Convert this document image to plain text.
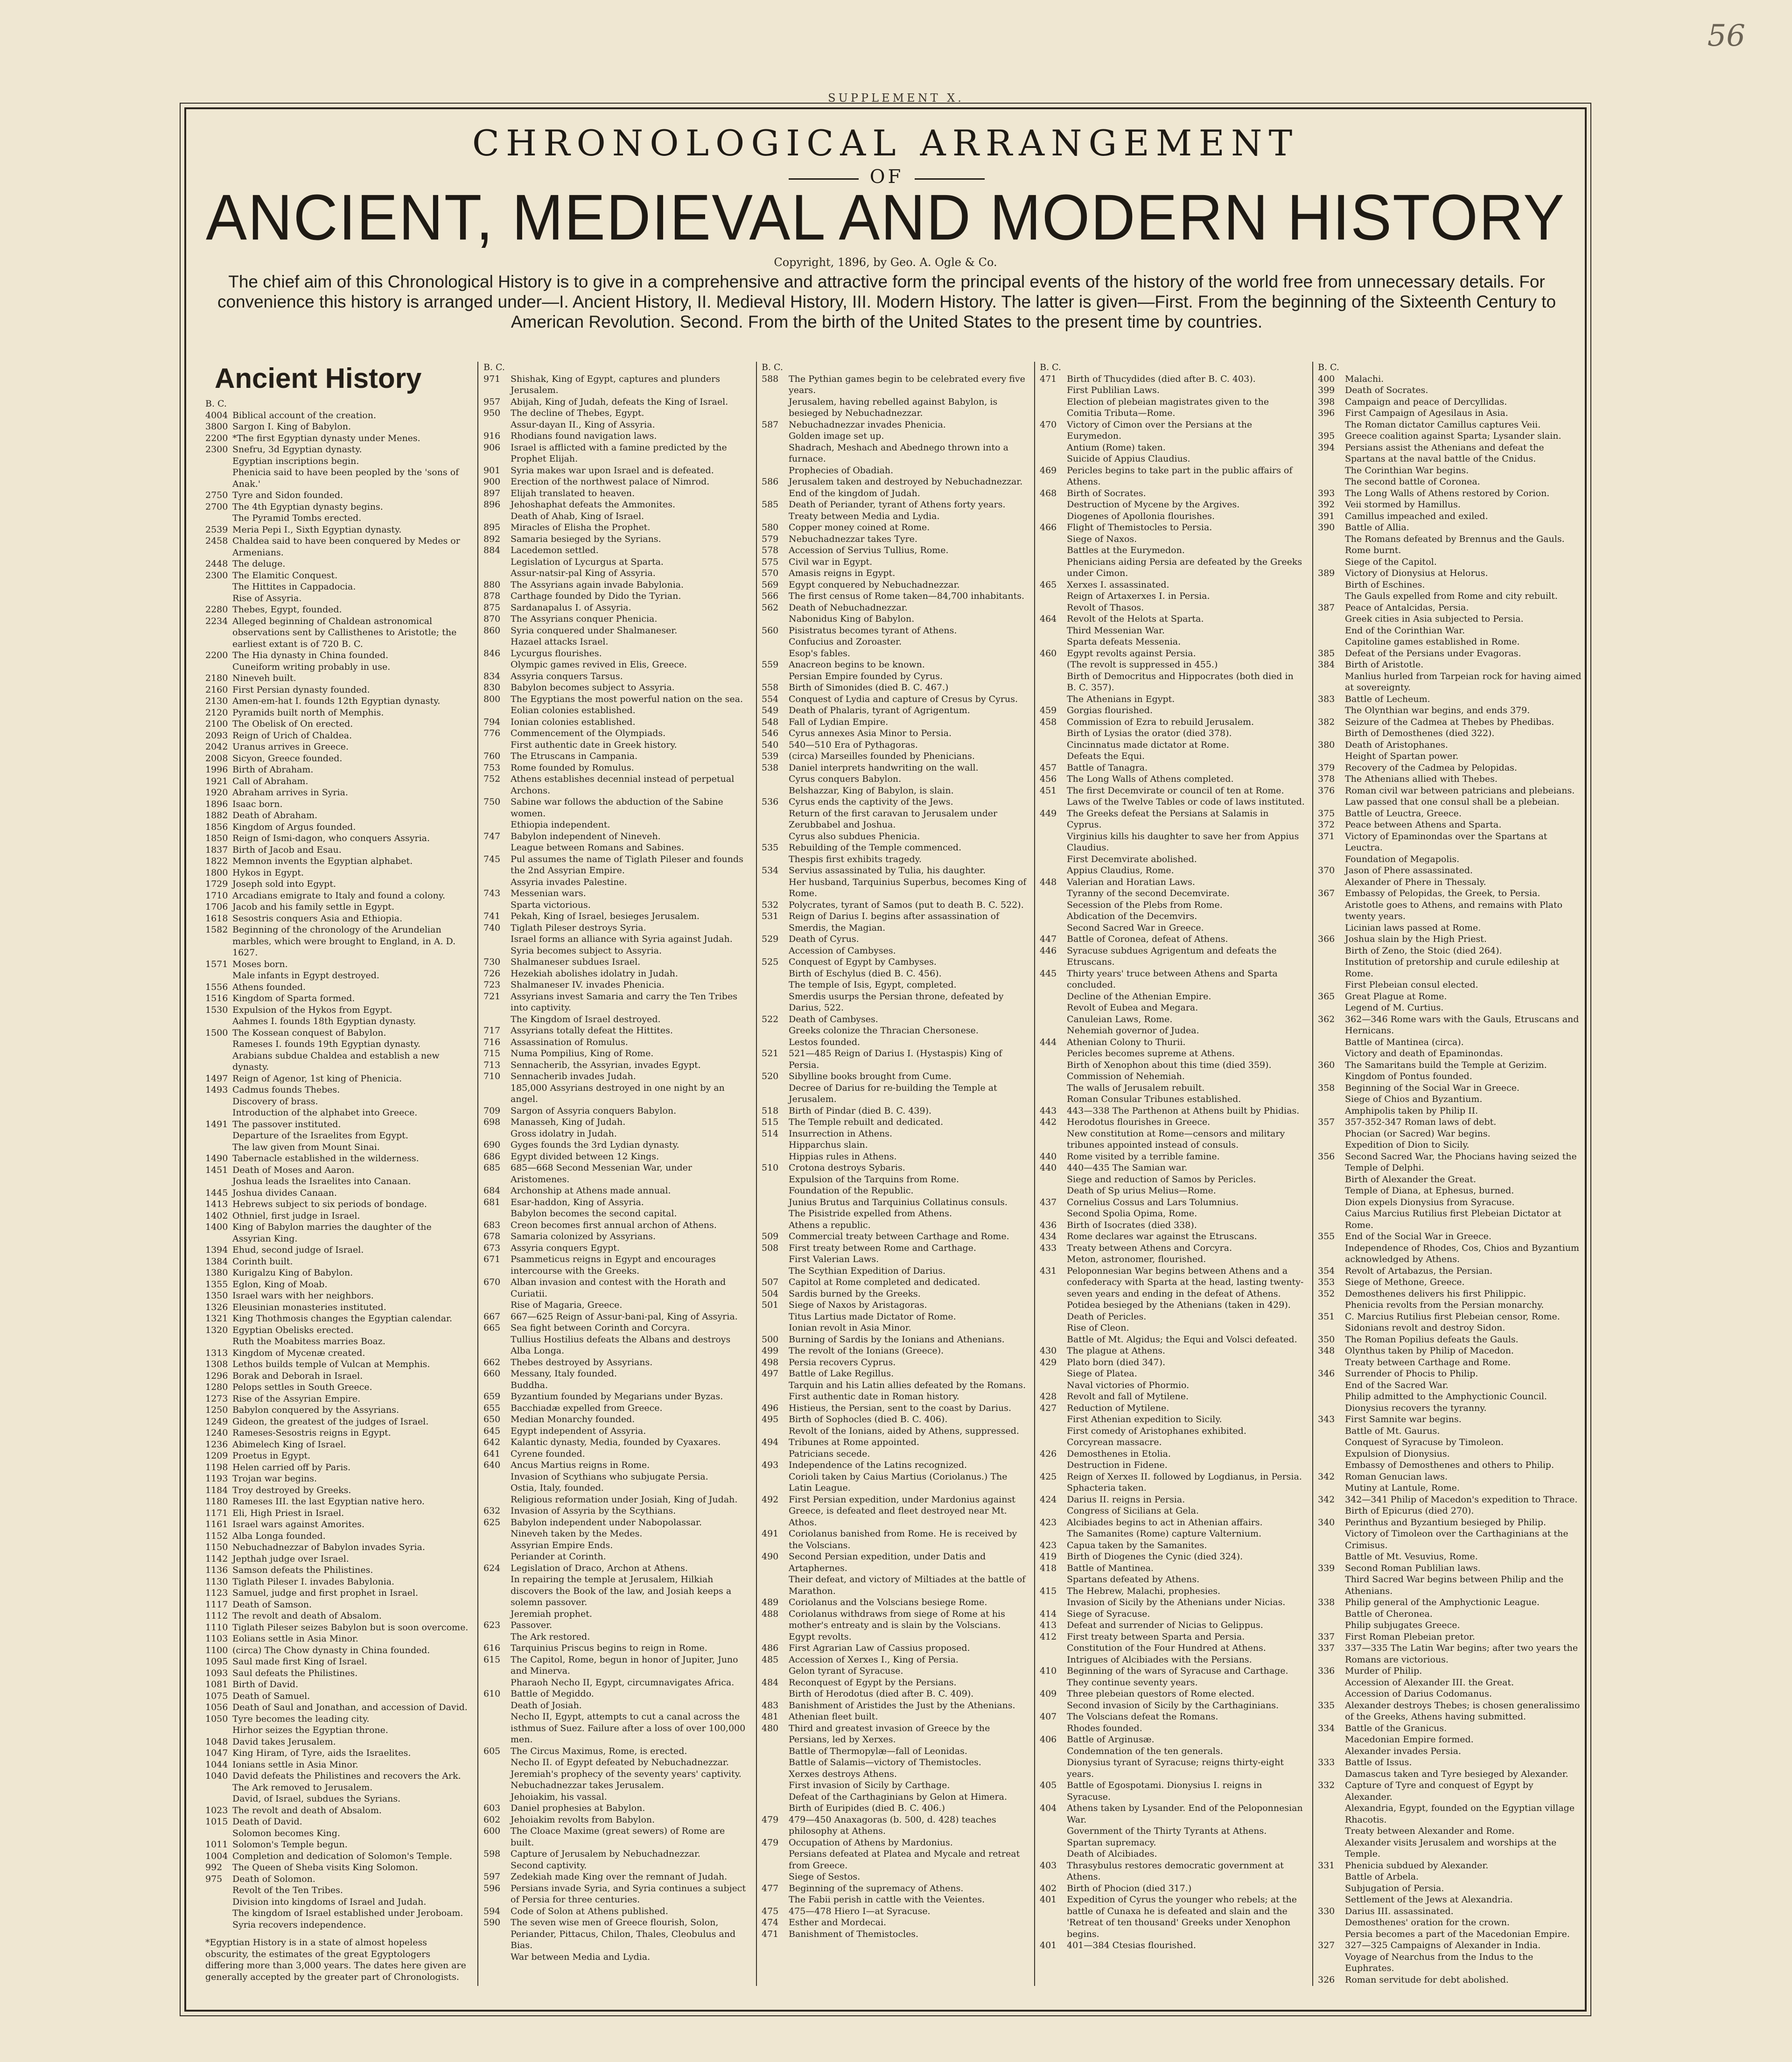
56
SUPPLEMENT X.
CHRONOLOGICAL ARRANGEMENT
OF
ANCIENT, MEDIEVAL AND MODERN HISTORY
Copyright, 1896, by Geo. A. Ogle & Co.
The chief aim of this Chronological History is to give in a comprehensive and attractive form the principal events of the history of the world free from unnecessary details. For convenience this history is arranged under—I. Ancient History, II. Medieval History, III. Modern History. The latter is given—First. From the beginning of the Sixteenth Century to American Revolution. Second. From the birth of the United States to the present time by countries.
Ancient History
B. C.
4004 Biblical account of the creation.
3800 Sargon I. King of Babylon.
2200 *The first Egyptian dynasty under Menes.
2300 Snefru, 3d Egyptian dynasty.
Egyptian inscriptions begin.
Phenicia said to have been peopled by the 'sons of Anak.'
2750 Tyre and Sidon founded.
2700 The 4th Egyptian dynasty begins.
The Pyramid Tombs erected.
2539 Meria Pepi I., Sixth Egyptian dynasty.
2458 Chaldea said to have been conquered by Medes or Armenians.
2448 The deluge.
2300 The Elamitic Conquest.
The Hittites in Cappadocia.
Rise of Assyria.
2280 Thebes, Egypt, founded.
2234 Alleged beginning of Chaldean astronomical observations sent by Callisthenes to Aristotle; the earliest extant is of 720 B. C.
2200 The Hia dynasty in China founded.
Cuneiform writing probably in use.
2180 Nineveh built.
2160 First Persian dynasty founded.
2130 Amen-em-hat I. founds 12th Egyptian dynasty.
2120 Pyramids built north of Memphis.
2100 The Obelisk of On erected.
2093 Reign of Urich of Chaldea.
2042 Uranus arrives in Greece.
2008 Sicyon, Greece founded.
1996 Birth of Abraham.
1921 Call of Abraham.
1920 Abraham arrives in Syria.
1896 Isaac born.
1882 Death of Abraham.
1856 Kingdom of Argus founded.
1850 Reign of Ismi-dagon, who conquers Assyria.
1837 Birth of Jacob and Esau.
1822 Memnon invents the Egyptian alphabet.
1800 Hykos in Egypt.
1729 Joseph sold into Egypt.
1710 Arcadians emigrate to Italy and found a colony.
1706 Jacob and his family settle in Egypt.
1618 Sesostris conquers Asia and Ethiopia.
1582 Beginning of the chronology of the Arundelian marbles, which were brought to England, in A. D. 1627.
1571 Moses born.
Male infants in Egypt destroyed.
1556 Athens founded.
1516 Kingdom of Sparta formed.
1530 Expulsion of the Hykos from Egypt.
Aahmes I. founds 18th Egyptian dynasty.
1500 The Kossean conquest of Babylon.
Rameses I. founds 19th Egyptian dynasty.
Arabians subdue Chaldea and establish a new dynasty.
1497 Reign of Agenor, 1st king of Phenicia.
1493 Cadmus founds Thebes.
Discovery of brass.
Introduction of the alphabet into Greece.
1491 The passover instituted.
Departure of the Israelites from Egypt.
The law given from Mount Sinai.
1490 Tabernacle established in the wilderness.
1451 Death of Moses and Aaron.
Joshua leads the Israelites into Canaan.
1445 Joshua divides Canaan.
1413 Hebrews subject to six periods of bondage.
1402 Othniel, first judge in Israel.
1400 King of Babylon marries the daughter of the Assyrian King.
1394 Ehud, second judge of Israel.
1384 Corinth built.
1380 Kurigalzu King of Babylon.
1355 Eglon, King of Moab.
1350 Israel wars with her neighbors.
1326 Eleusinian monasteries instituted.
1321 King Thothmosis changes the Egyptian calendar.
1320 Egyptian Obelisks erected.
Ruth the Moabitess marries Boaz.
1313 Kingdom of Mycenæ created.
1308 Lethos builds temple of Vulcan at Memphis.
1296 Borak and Deborah in Israel.
1280 Pelops settles in South Greece.
1273 Rise of the Assyrian Empire.
1250 Babylon conquered by the Assyrians.
1249 Gideon, the greatest of the judges of Israel.
1240 Rameses-Sesostris reigns in Egypt.
1236 Abimelech King of Israel.
1209 Proetus in Egypt.
1198 Helen carried off by Paris.
1193 Trojan war begins.
1184 Troy destroyed by Greeks.
1180 Rameses III. the last Egyptian native hero.
1171 Eli, High Priest in Israel.
1161 Israel wars against Amorites.
1152 Alba Longa founded.
1150 Nebuchadnezzar of Babylon invades Syria.
1142 Jepthah judge over Israel.
1136 Samson defeats the Philistines.
1130 Tiglath Pileser I. invades Babylonia.
1123 Samuel, judge and first prophet in Israel.
1117 Death of Samson.
1112 The revolt and death of Absalom.
1110 Tiglath Pileser seizes Babylon but is soon overcome.
1103 Eolians settle in Asia Minor.
1100 (circa) The Chow dynasty in China founded.
1095 Saul made first King of Israel.
1093 Saul defeats the Philistines.
1081 Birth of David.
1075 Death of Samuel.
1056 Death of Saul and Jonathan, and accession of David.
1050 Tyre becomes the leading city.
Hirhor seizes the Egyptian throne.
1048 David takes Jerusalem.
1047 King Hiram, of Tyre, aids the Israelites.
1044 Ionians settle in Asia Minor.
1040 David defeats the Philistines and recovers the Ark.
The Ark removed to Jerusalem.
David, of Israel, subdues the Syrians.
1023 The revolt and death of Absalom.
1015 Death of David.
Solomon becomes King.
1011 Solomon's Temple begun.
1004 Completion and dedication of Solomon's Temple.
992	The Queen of Sheba visits King Solomon.
975	Death of Solomon.
Revolt of the Ten Tribes.
Division into kingdoms of Israel and Judah.
The kingdom of Israel established under Jeroboam.
Syria recovers independence.
*Egyptian History is in a state of almost hopeless obscurity, the estimates of the great Egyptologers differing more than 3,000 years. The dates here given are generally accepted by the greater part of Chronologists.
B. C.
971	Shishak, King of Egypt, captures and plunders Jerusalem.
957	Abijah, King of Judah, defeats the King of Israel.
950	The decline of Thebes, Egypt.
Assur-dayan II., King of Assyria.
916	Rhodians found navigation laws.
906	Israel is afflicted with a famine predicted by the Prophet Elijah.
901	Syria makes war upon Israel and is defeated.
900	Erection of the northwest palace of Nimrod.
897	Elijah translated to heaven.
896	Jehoshaphat defeats the Ammonites.
Death of Ahab, King of Israel.
895	Miracles of Elisha the Prophet.
892	Samaria besieged by the Syrians.
884	Lacedemon settled.
Legislation of Lycurgus at Sparta.
Assur-natsir-pal King of Assyria.
880	The Assyrians again invade Babylonia.
878	Carthage founded by Dido the Tyrian.
875	Sardanapalus I. of Assyria.
870	The Assyrians conquer Phenicia.
860	Syria conquered under Shalmaneser.
Hazael attacks Israel.
846	Lycurgus flourishes.
Olympic games revived in Elis, Greece.
834	Assyria conquers Tarsus.
830	Babylon becomes subject to Assyria.
800	The Egyptians the most powerful nation on the sea.
Eolian colonies established.
794	Ionian colonies established.
776	Commencement of the Olympiads.
First authentic date in Greek history.
760	The Etruscans in Campania.
753	Rome founded by Romulus.
752	Athens establishes decennial instead of perpetual Archons.
750	Sabine war follows the abduction of the Sabine women.
Ethiopia independent.
747	Babylon independent of Nineveh.
League between Romans and Sabines.
745	Pul assumes the name of Tiglath Pileser and founds the 2nd Assyrian Empire.
Assyria invades Palestine.
743	Messenian wars.
Sparta victorious.
741	Pekah, King of Israel, besieges Jerusalem.
740	Tiglath Pileser destroys Syria.
Israel forms an alliance with Syria against Judah.
Syria becomes subject to Assyria.
730	Shalmaneser subdues Israel.
726	Hezekiah abolishes idolatry in Judah.
723	Shalmaneser IV. invades Phenicia.
721	Assyrians invest Samaria and carry the Ten Tribes into captivity.
The Kingdom of Israel destroyed.
717	Assyrians totally defeat the Hittites.
716	Assassination of Romulus.
715	Numa Pompilius, King of Rome.
713	Sennacherib, the Assyrian, invades Egypt.
710	Sennacherib invades Judah.
185,000 Assyrians destroyed in one night by an angel.
709	Sargon of Assyria conquers Babylon.
698	Manasseh, King of Judah.
Gross idolatry in Judah.
690	Gyges founds the 3rd Lydian dynasty.
686	Egypt divided between 12 Kings.
685	685—668 Second Messenian War, under Aristomenes.
684	Archonship at Athens made annual.
681	Esar-haddon, King of Assyria.
Babylon becomes the second capital.
683	Creon becomes first annual archon of Athens.
678	Samaria colonized by Assyrians.
673	Assyria conquers Egypt.
671	Psammeticus reigns in Egypt and encourages intercourse with the Greeks.
670	Alban invasion and contest with the Horath and Curiatii.
Rise of Magaria, Greece.
667	667—625 Reign of Assur-bani-pal, King of Assyria.
665	Sea fight between Corinth and Corcyra.
Tullius Hostilius defeats the Albans and destroys Alba Longa.
662	Thebes destroyed by Assyrians.
660	Messany, Italy founded.
Buddha.
659	Byzantium founded by Megarians under Byzas.
655	Bacchiadæ expelled from Greece.
650	Median Monarchy founded.
645	Egypt independent of Assyria.
642	Kalantic dynasty, Media, founded by Cyaxares.
641	Cyrene founded.
640	Ancus Martius reigns in Rome.
Invasion of Scythians who subjugate Persia.
Ostia, Italy, founded.
Religious reformation under Josiah, King of Judah.
632	Invasion of Assyria by the Scythians.
625	Babylon independent under Nabopolassar.
Nineveh taken by the Medes.
Assyrian Empire Ends.
Periander at Corinth.
624	Legislation of Draco, Archon at Athens.
In repairing the temple at Jerusalem, Hilkiah discovers the Book of the law, and Josiah keeps a solemn passover.
Jeremiah prophet.
623	Passover.
The Ark restored.
616	Tarquinius Priscus begins to reign in Rome.
615	The Capitol, Rome, begun in honor of Jupiter, Juno and Minerva.
Pharaoh Necho II, Egypt, circumnavigates Africa.
610	Battle of Megiddo.
Death of Josiah.
Necho II, Egypt, attempts to cut a canal across the isthmus of Suez. Failure after a loss of over 100,000 men.
605	The Circus Maximus, Rome, is erected.
Necho II. of Egypt defeated by Nebuchadnezzar.
Jeremiah's prophecy of the seventy years' captivity.
Nebuchadnezzar takes Jerusalem.
Jehoiakim, his vassal.
603	Daniel prophesies at Babylon.
602	Jehoiakim revolts from Babylon.
600	The Cloace Maxime (great sewers) of Rome are built.
598	Capture of Jerusalem by Nebuchadnezzar.
Second captivity.
597	Zedekiah made King over the remnant of Judah.
596	Persians invade Syria, and Syria continues a subject of Persia for three centuries.
594	Code of Solon at Athens published.
590	The seven wise men of Greece flourish, Solon, Periander, Pittacus, Chilon, Thales, Cleobulus and Bias.
War between Media and Lydia.
B. C.
588	The Pythian games begin to be celebrated every five years.
Jerusalem, having rebelled against Babylon, is besieged by Nebuchadnezzar.
587	Nebuchadnezzar invades Phenicia.
Golden image set up.
Shadrach, Meshach and Abednego thrown into a furnace.
Prophecies of Obadiah.
586	Jerusalem taken and destroyed by Nebuchadnezzar.
End of the kingdom of Judah.
585	Death of Periander, tyrant of Athens forty years.
Treaty between Media and Lydia.
580	Copper money coined at Rome.
579	Nebuchadnezzar takes Tyre.
578	Accession of Servius Tullius, Rome.
575	Civil war in Egypt.
570	Amasis reigns in Egypt.
569	Egypt conquered by Nebuchadnezzar.
566	The first census of Rome taken—84,700 inhabitants.
562	Death of Nebuchadnezzar.
Nabonidus King of Babylon.
560	Pisistratus becomes tyrant of Athens.
Confucius and Zoroaster.
Esop's fables.
559	Anacreon begins to be known.
Persian Empire founded by Cyrus.
558	Birth of Simonides (died B. C. 467.)
554	Conquest of Lydia and capture of Cresus by Cyrus.
549	Death of Phalaris, tyrant of Agrigentum.
548	Fall of Lydian Empire.
546	Cyrus annexes Asia Minor to Persia.
540	540—510 Era of Pythagoras.
539	(circa) Marseilles founded by Phenicians.
538	Daniel interprets handwriting on the wall.
Cyrus conquers Babylon.
Belshazzar, King of Babylon, is slain.
536	Cyrus ends the captivity of the Jews.
Return of the first caravan to Jerusalem under Zerubbabel and Joshua.
Cyrus also subdues Phenicia.
535	Rebuilding of the Temple commenced.
Thespis first exhibits tragedy.
534	Servius assassinated by Tulia, his daughter.
Her husband, Tarquinius Superbus, becomes King of Rome.
532	Polycrates, tyrant of Samos (put to death B. C. 522).
531	Reign of Darius I. begins after assassination of Smerdis, the Magian.
529	Death of Cyrus.
Accession of Cambyses.
525	Conquest of Egypt by Cambyses.
Birth of Eschylus (died B. C. 456).
The temple of Isis, Egypt, completed.
Smerdis usurps the Persian throne, defeated by Darius, 522.
522	Death of Cambyses.
Greeks colonize the Thracian Chersonese.
Lestos founded.
521	521—485 Reign of Darius I. (Hystaspis) King of Persia.
520	Sibylline books brought from Cume.
Decree of Darius for re-building the Temple at Jerusalem.
518	Birth of Pindar (died B. C. 439).
515	The Temple rebuilt and dedicated.
514	Insurrection in Athens.
Hipparchus slain.
Hippias rules in Athens.
510	Crotona destroys Sybaris.
Expulsion of the Tarquins from Rome.
Foundation of the Republic.
Junius Brutus and Tarquinius Collatinus consuls.
The Pisistride expelled from Athens.
Athens a republic.
509	Commercial treaty between Carthage and Rome.
508	First treaty between Rome and Carthage.
First Valerian Laws.
The Scythian Expedition of Darius.
507	Capitol at Rome completed and dedicated.
504	Sardis burned by the Greeks.
501	Siege of Naxos by Aristagoras.
Titus Lartius made Dictator of Rome.
Ionian revolt in Asia Minor.
500	Burning of Sardis by the Ionians and Athenians.
499	The revolt of the Ionians (Greece).
498	Persia recovers Cyprus.
497	Battle of Lake Regillus.
Tarquin and his Latin allies defeated by the Romans.
First authentic date in Roman history.
496	Histieus, the Persian, sent to the coast by Darius.
495	Birth of Sophocles (died B. C. 406).
Revolt of the Ionians, aided by Athens, suppressed.
494	Tribunes at Rome appointed.
Patricians secede.
493	Independence of the Latins recognized.
Corioli taken by Caius Martius (Coriolanus.) The Latin League.
492	First Persian expedition, under Mardonius against Greece, is defeated and fleet destroyed near Mt. Athos.
491	Coriolanus banished from Rome. He is received by the Volscians.
490	Second Persian expedition, under Datis and Artaphernes.
Their defeat, and victory of Miltiades at the battle of Marathon.
489	Coriolanus and the Volscians besiege Rome.
488	Coriolanus withdraws from siege of Rome at his mother's entreaty and is slain by the Volscians.
Egypt revolts.
486	First Agrarian Law of Cassius proposed.
485	Accession of Xerxes I., King of Persia.
Gelon tyrant of Syracuse.
484	Reconquest of Egypt by the Persians.
Birth of Herodotus (died after B. C. 409).
483	Banishment of Aristides the Just by the Athenians.
481	Athenian fleet built.
480	Third and greatest invasion of Greece by the Persians, led by Xerxes.
Battle of Thermopylæ—fall of Leonidas.
Battle of Salamis—victory of Themistocles.
Xerxes destroys Athens.
First invasion of Sicily by Carthage.
Defeat of the Carthaginians by Gelon at Himera.
Birth of Euripides (died B. C. 406.)
479	479—450 Anaxagoras (b. 500, d. 428) teaches philosophy at Athens.
479	Occupation of Athens by Mardonius.
Persians defeated at Platea and Mycale and retreat from Greece.
Siege of Sestos.
477	Beginning of the supremacy of Athens.
The Fabii perish in cattle with the Veientes.
475	475—478 Hiero I—at Syracuse.
474	Esther and Mordecai.
471	Banishment of Themistocles.
B. C.
471	Birth of Thucydides (died after B. C. 403).
First Publilian Laws.
Election of plebeian magistrates given to the Comitia Tributa—Rome.
470	Victory of Cimon over the Persians at the Eurymedon.
Antium (Rome) taken.
Suicide of Appius Claudius.
469	Pericles begins to take part in the public affairs of Athens.
468	Birth of Socrates.
Destruction of Mycene by the Argives.
Diogenes of Apollonia flourishes.
466	Flight of Themistocles to Persia.
Siege of Naxos.
Battles at the Eurymedon.
Phenicians aiding Persia are defeated by the Greeks under Cimon.
465	Xerxes I. assassinated.
Reign of Artaxerxes I. in Persia.
Revolt of Thasos.
464	Revolt of the Helots at Sparta.
Third Messenian War.
Sparta defeats Messenia.
460	Egypt revolts against Persia.
(The revolt is suppressed in 455.)
Birth of Democritus and Hippocrates (both died in B. C. 357).
The Athenians in Egypt.
459	Gorgias flourished.
458	Commission of Ezra to rebuild Jerusalem.
Birth of Lysias the orator (died 378).
Cincinnatus made dictator at Rome.
Defeats the Equi.
457	Battle of Tanagra.
456	The Long Walls of Athens completed.
451	The first Decemvirate or council of ten at Rome.
Laws of the Twelve Tables or code of laws instituted.
449	The Greeks defeat the Persians at Salamis in Cyprus.
Virginius kills his daughter to save her from Appius Claudius.
First Decemvirate abolished.
Appius Claudius, Rome.
448	Valerian and Horatian Laws.
Tyranny of the second Decemvirate.
Secession of the Plebs from Rome.
Abdication of the Decemvirs.
Second Sacred War in Greece.
447	Battle of Coronea, defeat of Athens.
446	Syracuse subdues Agrigentum and defeats the Etruscans.
445	Thirty years' truce between Athens and Sparta concluded.
Decline of the Athenian Empire.
Revolt of Eubea and Megara.
Canuleian Laws, Rome.
Nehemiah governor of Judea.
444	Athenian Colony to Thurii.
Pericles becomes supreme at Athens.
Birth of Xenophon about this time (died 359).
Commission of Nehemiah.
The walls of Jerusalem rebuilt.
Roman Consular Tribunes established.
443	443—338 The Parthenon at Athens built by Phidias.
442	Herodotus flourishes in Greece.
New constitution at Rome—censors and military tribunes appointed instead of consuls.
440	Rome visited by a terrible famine.
440	440—435 The Samian war.
Siege and reduction of Samos by Pericles.
Death of Sp urius Melius—Rome.
437	Cornelius Cossus and Lars Tolumnius.
Second Spolia Opima, Rome.
436	Birth of Isocrates (died 338).
434	Rome declares war against the Etruscans.
433	Treaty between Athens and Corcyra.
Meton, astronomer, flourished.
431	Peloponnesian War begins between Athens and a confederacy with Sparta at the head, lasting twenty-seven years and ending in the defeat of Athens.
Potidea besieged by the Athenians (taken in 429).
Death of Pericles.
Rise of Cleon.
Battle of Mt. Algidus; the Equi and Volsci defeated.
430	The plague at Athens.
429	Plato born (died 347).
Siege of Platea.
Naval victories of Phormio.
428	Revolt and fall of Mytilene.
427	Reduction of Mytilene.
First Athenian expedition to Sicily.
First comedy of Aristophanes exhibited.
Corcyrean massacre.
426	Demosthenes in Etolia.
Destruction in Fidene.
425	Reign of Xerxes II. followed by Logdianus, in Persia.
Sphacteria taken.
424	Darius II. reigns in Persia.
Congress of Sicilians at Gela.
423	Alcibiades begins to act in Athenian affairs.
The Samanites (Rome) capture Valternium.
423	Capua taken by the Samanites.
419	Birth of Diogenes the Cynic (died 324).
418	Battle of Mantinea.
Spartans defeated by Athens.
415	The Hebrew, Malachi, prophesies.
Invasion of Sicily by the Athenians under Nicias.
414	Siege of Syracuse.
413	Defeat and surrender of Nicias to Gelippus.
412	First treaty between Sparta and Persia.
Constitution of the Four Hundred at Athens.
Intrigues of Alcibiades with the Persians.
410	Beginning of the wars of Syracuse and Carthage. They continue seventy years.
409	Three plebeian questors of Rome elected.
Second invasion of Sicily by the Carthaginians.
407	The Volscians defeat the Romans.
Rhodes founded.
406	Battle of Arginusæ.
Condemnation of the ten generals.
Dionysius tyrant of Syracuse; reigns thirty-eight years.
405	Battle of Egospotami. Dionysius I. reigns in Syracuse.
404	Athens taken by Lysander. End of the Peloponnesian War.
Government of the Thirty Tyrants at Athens.
Spartan supremacy.
Death of Alcibiades.
403	Thrasybulus restores democratic government at Athens.
402	Birth of Phocion (died 317.)
401	Expedition of Cyrus the younger who rebels; at the battle of Cunaxa he is defeated and slain and the 'Retreat of ten thousand' Greeks under Xenophon begins.
401	401—384 Ctesias flourished.
B. C.
400	Malachi.
399	Death of Socrates.
398	Campaign and peace of Dercyllidas.
396	First Campaign of Agesilaus in Asia.
The Roman dictator Camillus captures Veii.
395	Greece coalition against Sparta; Lysander slain.
394	Persians assist the Athenians and defeat the Spartans at the naval battle of the Cnidus.
The Corinthian War begins.
The second battle of Coronea.
393	The Long Walls of Athens restored by Corion.
392	Veii stormed by Hamillus.
391	Camillus impeached and exiled.
390	Battle of Allia.
The Romans defeated by Brennus and the Gauls. Rome burnt.
Siege of the Capitol.
389	Victory of Dionysius at Helorus.
Birth of Eschines.
The Gauls expelled from Rome and city rebuilt.
387	Peace of Antalcidas, Persia.
Greek cities in Asia subjected to Persia.
End of the Corinthian War.
Capitoline games established in Rome.
385	Defeat of the Persians under Evagoras.
384	Birth of Aristotle.
Manlius hurled from Tarpeian rock for having aimed at sovereignty.
383	Battle of Lecheum.
The Olynthian war begins, and ends 379.
382	Seizure of the Cadmea at Thebes by Phedibas.
Birth of Demosthenes (died 322).
380	Death of Aristophanes.
Height of Spartan power.
379	Recovery of the Cadmea by Pelopidas.
378	The Athenians allied with Thebes.
376	Roman civil war between patricians and plebeians.
Law passed that one consul shall be a plebeian.
375	Battle of Leuctra, Greece.
372	Peace between Athens and Sparta.
371	Victory of Epaminondas over the Spartans at Leuctra.
Foundation of Megapolis.
370	Jason of Phere assassinated.
Alexander of Phere in Thessaly.
367	Embassy of Pelopidas, the Greek, to Persia.
Aristotle goes to Athens, and remains with Plato twenty years.
Licinian laws passed at Rome.
366	Joshua slain by the High Priest.
Birth of Zeno, the Stoic (died 264).
Institution of pretorship and curule edileship at Rome.
First Plebeian consul elected.
365	Great Plague at Rome.
Legend of M. Curtius.
362	362—346 Rome wars with the Gauls, Etruscans and Hernicans.
Battle of Mantinea (circa).
Victory and death of Epaminondas.
360	The Samaritans build the Temple at Gerizim.
Kingdom of Pontus founded.
358	Beginning of the Social War in Greece.
Siege of Chios and Byzantium.
Amphipolis taken by Philip II.
357	357-352-347 Roman laws of debt.
Phocian (or Sacred) War begins.
Expedition of Dion to Sicily.
356	Second Sacred War, the Phocians having seized the Temple of Delphi.
Birth of Alexander the Great.
Temple of Diana, at Ephesus, burned.
Dion expels Dionysius from Syracuse.
Caius Marcius Rutilius first Plebeian Dictator at Rome.
355	End of the Social War in Greece.
Independence of Rhodes, Cos, Chios and Byzantium acknowledged by Athens.
354	Revolt of Artabazus, the Persian.
353	Siege of Methone, Greece.
352	Demosthenes delivers his first Philippic.
Phenicia revolts from the Persian monarchy.
351	C. Marcius Rutilius first Plebeian censor, Rome.
Sidonians revolt and destroy Sidon.
350	The Roman Popilius defeats the Gauls.
348	Olynthus taken by Philip of Macedon.
Treaty between Carthage and Rome.
346	Surrender of Phocis to Philip.
End of the Sacred War.
Philip admitted to the Amphyctionic Council.
Dionysius recovers the tyranny.
343	First Samnite war begins.
Battle of Mt. Gaurus.
Conquest of Syracuse by Timoleon.
Expulsion of Dionysius.
Embassy of Demosthenes and others to Philip.
342	Roman Genucian laws.
Mutiny at Lantule, Rome.
342	342—341 Philip of Macedon's expedition to Thrace.
Birth of Epicurus (died 270).
340	Perinthus and Byzantium besieged by Philip.
Victory of Timoleon over the Carthaginians at the Crimisus.
Battle of Mt. Vesuvius, Rome.
339	Second Roman Publilian laws.
Third Sacred War begins between Philip and the Athenians.
338	Philip general of the Amphyctionic League.
Battle of Cheronea.
Philip subjugates Greece.
337	First Roman Plebeian pretor.
337	337—335 The Latin War begins; after two years the Romans are victorious.
336	Murder of Philip.
Accession of Alexander III. the Great.
Accession of Darius Codomanus.
335	Alexander destroys Thebes; is chosen generalissimo of the Greeks, Athens having submitted.
334	Battle of the Granicus.
Macedonian Empire formed.
Alexander invades Persia.
333	Battle of Issus.
Damascus taken and Tyre besieged by Alexander.
332	Capture of Tyre and conquest of Egypt by Alexander.
Alexandria, Egypt, founded on the Egyptian village Rhacotis.
Treaty between Alexander and Rome.
Alexander visits Jerusalem and worships at the Temple.
331	Phenicia subdued by Alexander.
Battle of Arbela.
Subjugation of Persia.
Settlement of the Jews at Alexandria.
330	Darius III. assassinated.
Demosthenes' oration for the crown.
Persia becomes a part of the Macedonian Empire.
327	327—325 Campaigns of Alexander in India.
Voyage of Nearchus from the Indus to the Euphrates.
326	Roman servitude for debt abolished.
